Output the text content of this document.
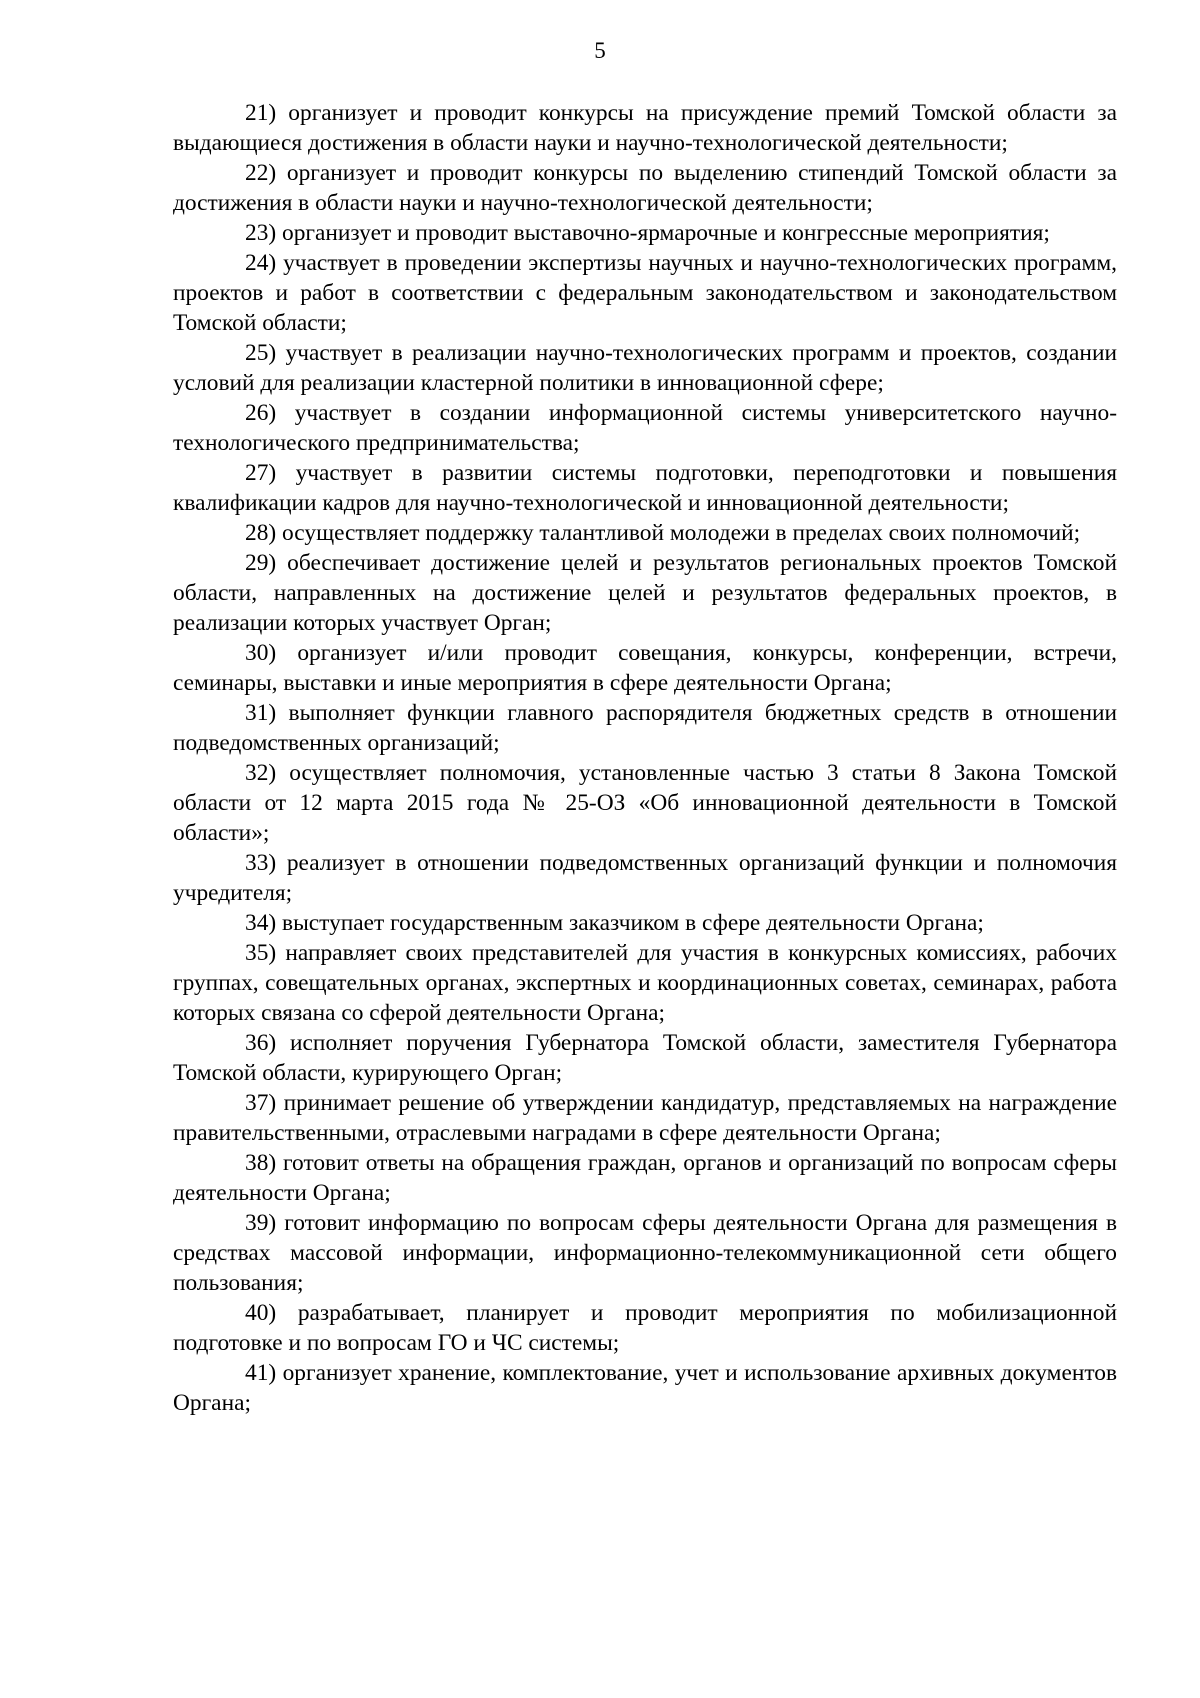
5

21) организует и проводит конкурсы на присуждение премий Томской области за выдающиеся достижения в области науки и научно-технологической деятельности;

22) организует и проводит конкурсы по выделению стипендий Томской области за достижения в области науки и научно-технологической деятельности;

23) организует и проводит выставочно-ярмарочные и конгрессные мероприятия;

24) участвует в проведении экспертизы научных и научно-технологических программ, проектов и работ в соответствии с федеральным законодательством и законодательством Томской области;

25) участвует в реализации научно-технологических программ и проектов, создании условий для реализации кластерной политики в инновационной сфере;

26) участвует в создании информационной системы университетского научно-технологического предпринимательства;

27) участвует в развитии системы подготовки, переподготовки и повышения квалификации кадров для научно-технологической и инновационной деятельности;

28) осуществляет поддержку талантливой молодежи в пределах своих полномочий;

29) обеспечивает достижение целей и результатов региональных проектов Томской области, направленных на достижение целей и результатов федеральных проектов, в реализации которых участвует Орган;

30) организует и/или проводит совещания, конкурсы, конференции, встречи, семинары, выставки и иные мероприятия в сфере деятельности Органа;

31) выполняет функции главного распорядителя бюджетных средств в отношении подведомственных организаций;

32) осуществляет полномочия, установленные частью 3 статьи 8 Закона Томской области от 12 марта 2015 года № 25-ОЗ «Об инновационной деятельности в Томской области»;

33) реализует в отношении подведомственных организаций функции и полномочия учредителя;

34) выступает государственным заказчиком в сфере деятельности Органа;

35) направляет своих представителей для участия в конкурсных комиссиях, рабочих группах, совещательных органах, экспертных и координационных советах, семинарах, работа которых связана со сферой деятельности Органа;

36) исполняет поручения Губернатора Томской области, заместителя Губернатора Томской области, курирующего Орган;

37) принимает решение об утверждении кандидатур, представляемых на награждение правительственными, отраслевыми наградами в сфере деятельности Органа;

38) готовит ответы на обращения граждан, органов и организаций по вопросам сферы деятельности Органа;

39) готовит информацию по вопросам сферы деятельности Органа для размещения в средствах массовой информации, информационно-телекоммуникационной сети общего пользования;

40) разрабатывает, планирует и проводит мероприятия по мобилизационной подготовке и по вопросам ГО и ЧС системы;

41) организует хранение, комплектование, учет и использование архивных документов Органа;
